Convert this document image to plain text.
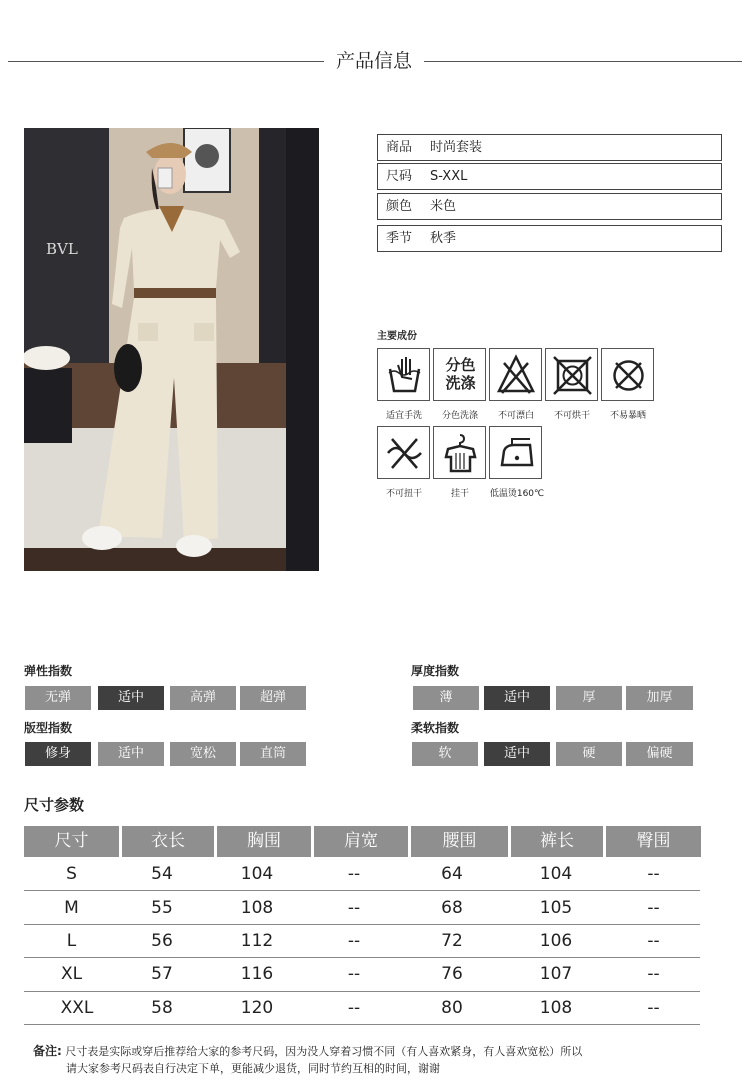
产品信息
BVL
商品 时尚套装
尺码 S-XXL
颜色 米色
季节 秋季
主要成份
分色
洗涤
适宜手洗	分色洗涤	不可漂白	不可烘干	不易暴晒
不可扭干	挂干	低温烫160℃
弹性指数
无弹	适中	高弹	超弹
厚度指数
薄	适中	厚	加厚
版型指数
修身	适中	宽松	直筒
柔软指数
软	适中	硬	偏硬
尺寸参数
尺寸	衣长	胸围	肩宽	腰围	裤长	臀围
S	54	104	--	64	104	--
M	55	108	--	68	105	--
L	56	112	--	72	106	--
XL	57	116	--	76	107	--
XXL	58	120	--	80	108	--
备注: 尺寸表是实际或穿后推荐给大家的参考尺码，因为没人穿着习惯不同（有人喜欢紧身，有人喜欢宽松）所以
请大家参考尺码表自行决定下单，更能减少退货，同时节约互相的时间，谢谢
